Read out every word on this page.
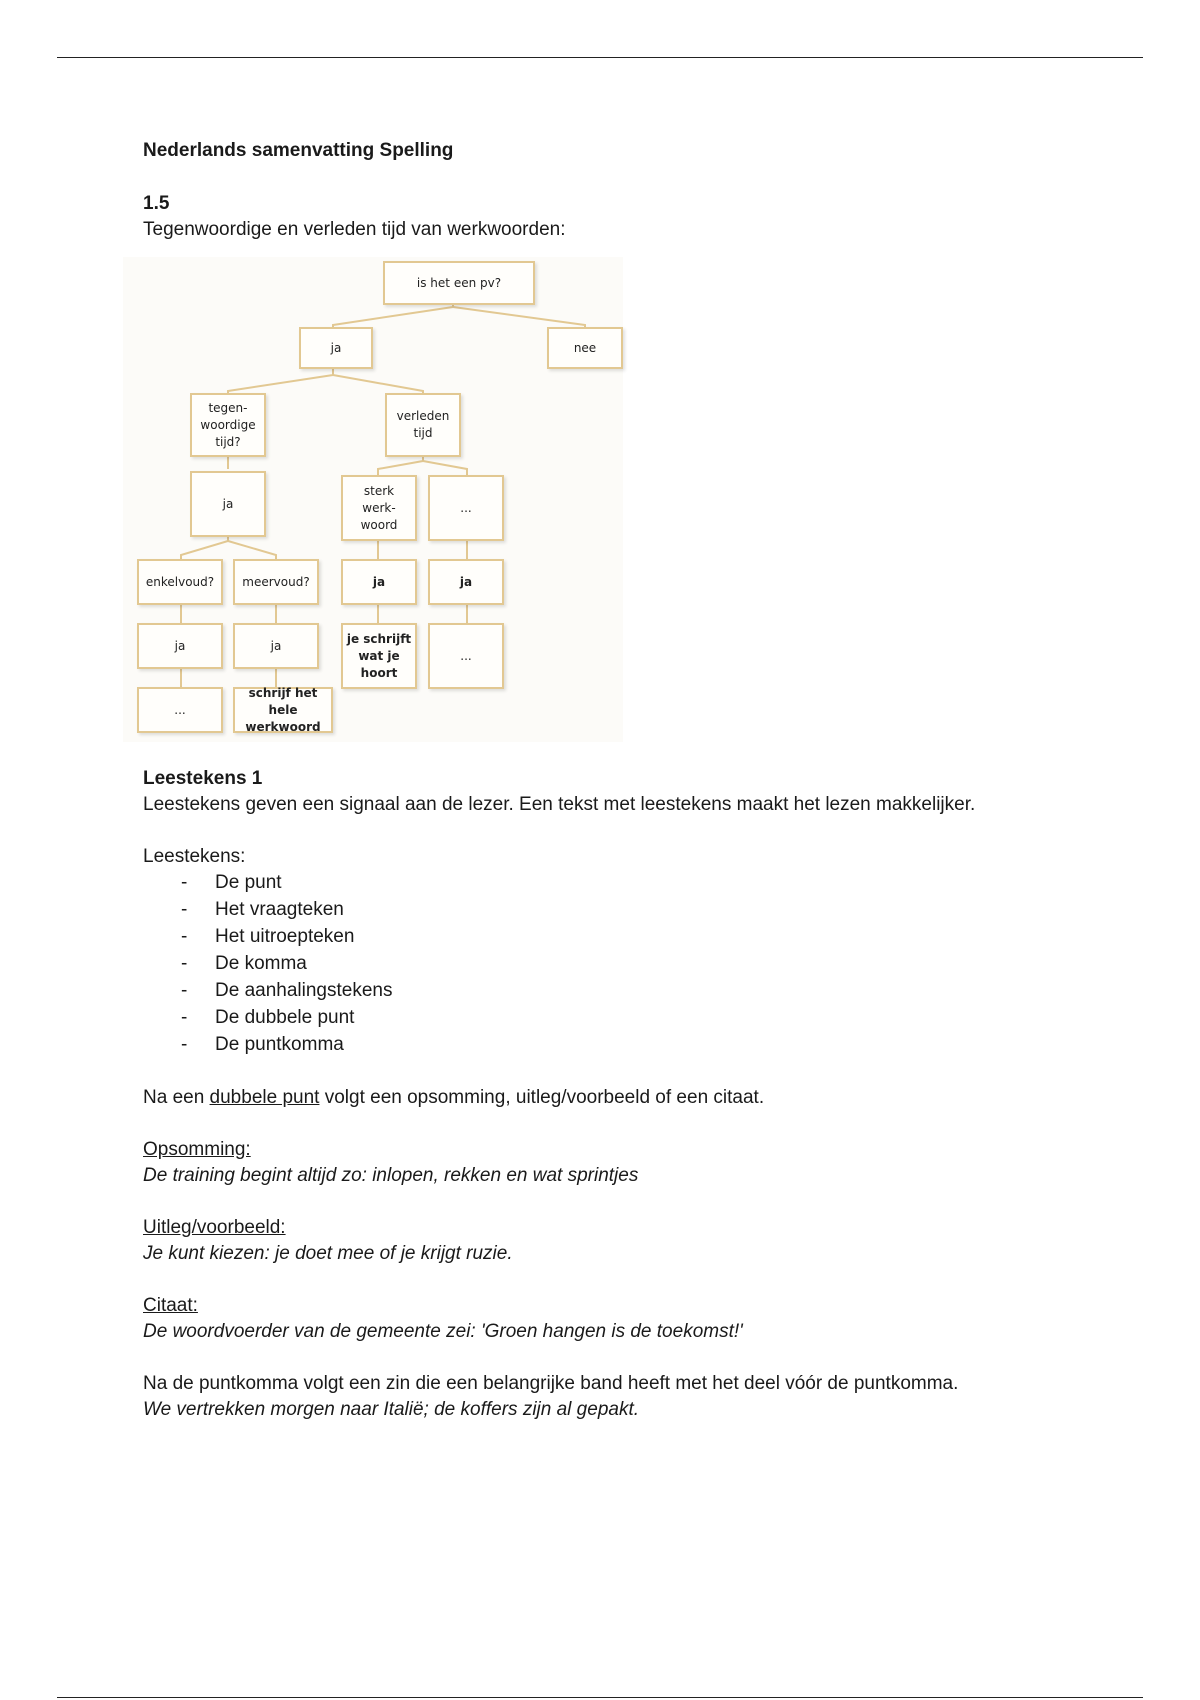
Nederlands samenvatting Spelling

1.5

Tegenwoordige en verleden tijd van werkwoorden:

is het een pv?
ja	nee
tegen-
woordige
tijd?
verleden
tijd
ja
sterk
werk-
woord
...
enkelvoud?	meervoud?	ja	ja
ja	ja	je schrijft
wat je
hoort
...
...
schrijf het hele
werkwoord

Leestekens 1

Leestekens geven een signaal aan de lezer. Een tekst met leestekens maakt het lezen makkelijker.

Leestekens:

- De punt
- Het vraagteken
- Het uitroepteken
- De komma
- De aanhalingstekens
- De dubbele punt
- De puntkomma

Na een dubbele punt volgt een opsomming, uitleg/voorbeeld of een citaat.

Opsomming:

De training begint altijd zo: inlopen, rekken en wat sprintjes

Uitleg/voorbeeld:

Je kunt kiezen: je doet mee of je krijgt ruzie.

Citaat:

De woordvoerder van de gemeente zei: 'Groen hangen is de toekomst!'

Na de puntkomma volgt een zin die een belangrijke band heeft met het deel vóór de puntkomma.

We vertrekken morgen naar Italië; de koffers zijn al gepakt.
